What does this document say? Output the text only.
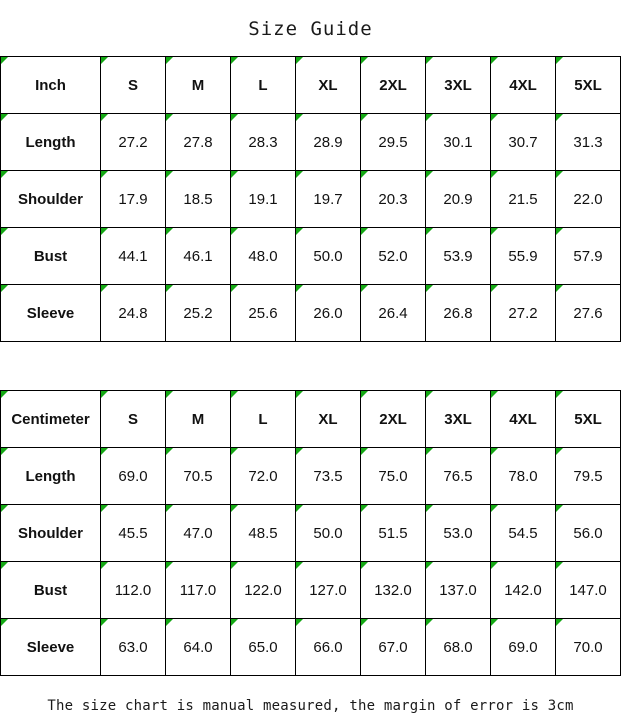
Size Guide
Inch	S	M	L	XL	2XL	3XL	4XL	5XL
Length	27.2	27.8	28.3	28.9	29.5	30.1	30.7	31.3
Shoulder	17.9	18.5	19.1	19.7	20.3	20.9	21.5	22.0
Bust	44.1	46.1	48.0	50.0	52.0	53.9	55.9	57.9
Sleeve	24.8	25.2	25.6	26.0	26.4	26.8	27.2	27.6
Centimeter	S	M	L	XL	2XL	3XL	4XL	5XL
Length	69.0	70.5	72.0	73.5	75.0	76.5	78.0	79.5
Shoulder	45.5	47.0	48.5	50.0	51.5	53.0	54.5	56.0
Bust	112.0	117.0	122.0	127.0	132.0	137.0	142.0	147.0
Sleeve	63.0	64.0	65.0	66.0	67.0	68.0	69.0	70.0
The size chart is manual measured, the margin of error is 3cm
